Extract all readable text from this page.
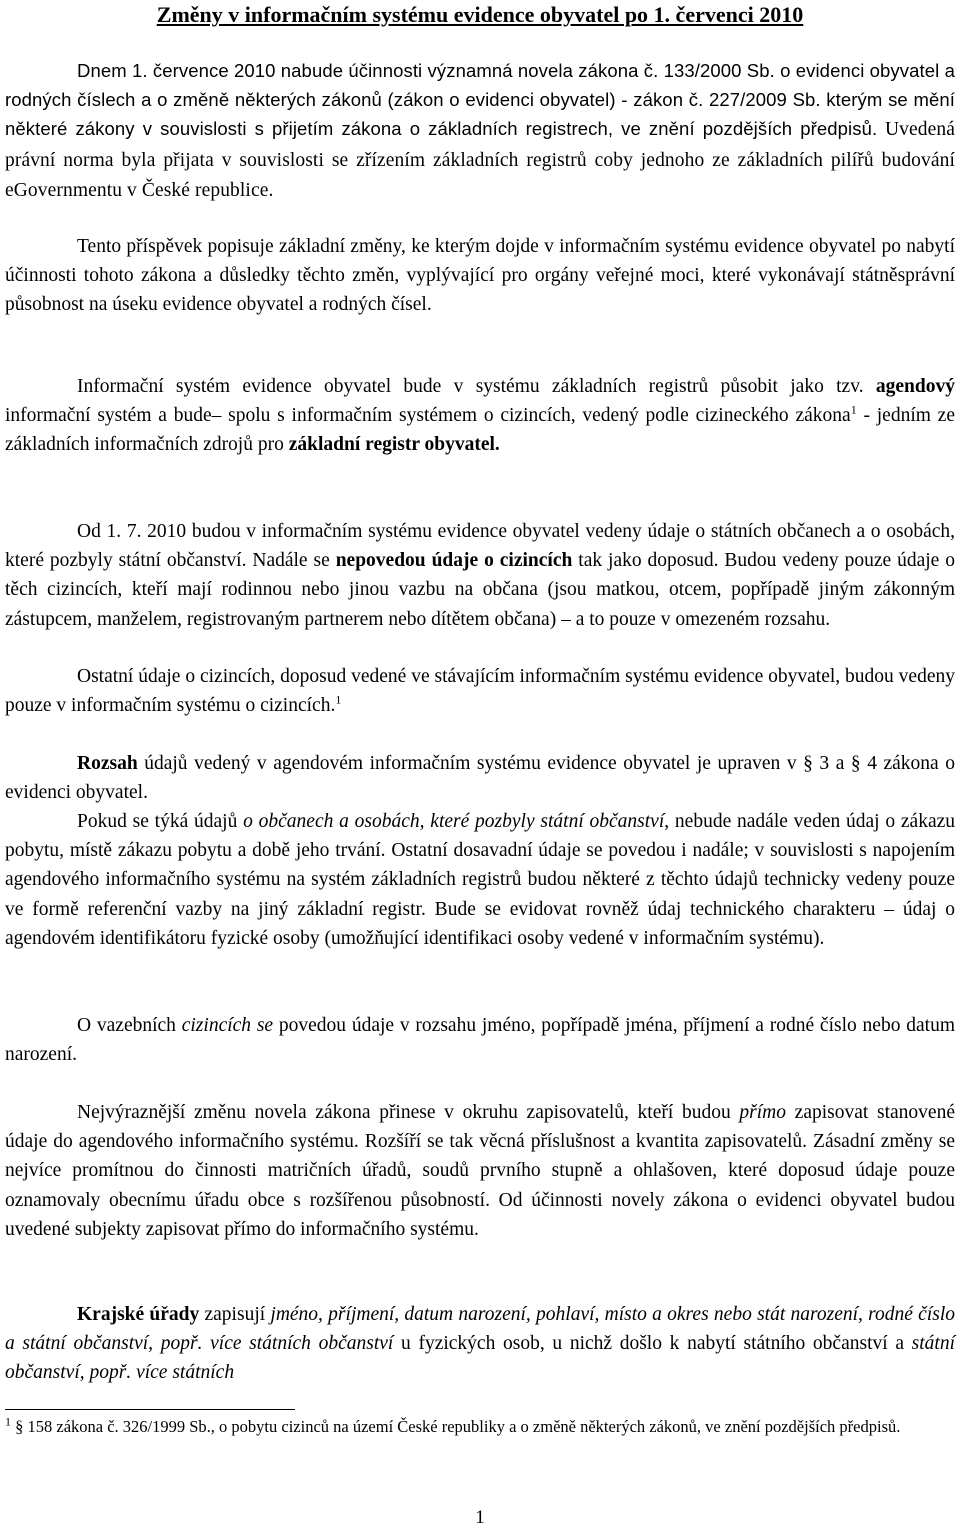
Změny v informačním systému evidence obyvatel po 1. červenci 2010

Dnem 1. července 2010 nabude účinnosti významná novela zákona č. 133/2000 Sb. o evidenci obyvatel a rodných číslech a o změně některých zákonů (zákon o evidenci obyvatel) - zákon č. 227/2009 Sb. kterým se mění některé zákony v souvislosti s přijetím zákona o základních registrech, ve znění pozdějších předpisů. Uvedená právní norma byla přijata v souvislosti se zřízením základních registrů coby jednoho ze základních pilířů budování eGovernmentu v České republice.

Tento příspěvek popisuje základní změny, ke kterým dojde v informačním systému evidence obyvatel po nabytí účinnosti tohoto zákona a důsledky těchto změn, vyplývající pro orgány veřejné moci, které vykonávají státněsprávní působnost na úseku evidence obyvatel a rodných čísel.

Informační systém evidence obyvatel bude v systému základních registrů působit jako tzv. agendový informační systém a bude– spolu s informačním systémem o cizincích, vedený podle cizineckého zákona$^1$ - jedním ze základních informačních zdrojů pro základní registr obyvatel.

Od 1. 7. 2010 budou v informačním systému evidence obyvatel vedeny údaje o státních občanech a o osobách, které pozbyly státní občanství. Nadále se nepovedou údaje o cizincích tak jako doposud. Budou vedeny pouze údaje o těch cizincích, kteří mají rodinnou nebo jinou vazbu na občana (jsou matkou, otcem, popřípadě jiným zákonným zástupcem, manželem, registrovaným partnerem nebo dítětem občana) – a to pouze v omezeném rozsahu.

Ostatní údaje o cizincích, doposud vedené ve stávajícím informačním systému evidence obyvatel, budou vedeny pouze v informačním systému o cizincích.$^1$

Rozsah údajů vedený v agendovém informačním systému evidence obyvatel je upraven v § 3 a § 4 zákona o evidenci obyvatel.

Pokud se týká údajů o občanech a osobách, které pozbyly státní občanství, nebude nadále veden údaj o zákazu pobytu, místě zákazu pobytu a době jeho trvání. Ostatní dosavadní údaje se povedou i nadále; v souvislosti s napojením agendového informačního systému na systém základních registrů budou některé z těchto údajů technicky vedeny pouze ve formě referenční vazby na jiný základní registr. Bude se evidovat rovněž údaj technického charakteru – údaj o agendovém identifikátoru fyzické osoby (umožňující identifikaci osoby vedené v informačním systému).

O vazebních cizincích se povedou údaje v rozsahu jméno, popřípadě jména, příjmení a rodné číslo nebo datum narození.

Nejvýraznější změnu novela zákona přinese v okruhu zapisovatelů, kteří budou přímo zapisovat stanovené údaje do agendového informačního systému. Rozšíří se tak věcná příslušnost a kvantita zapisovatelů. Zásadní změny se nejvíce promítnou do činnosti matričních úřadů, soudů prvního stupně a ohlašoven, které doposud údaje pouze oznamovaly obecnímu úřadu obce s rozšířenou působností. Od účinnosti novely zákona o evidenci obyvatel budou uvedené subjekty zapisovat přímo do informačního systému.

Krajské úřady zapisují jméno, příjmení, datum narození, pohlaví, místo a okres nebo stát narození, rodné číslo a státní občanství, popř. více státních občanství u fyzických osob, u nichž došlo k nabytí státního občanství a státní občanství, popř. více státních

$^1$ § 158 zákona č. 326/1999 Sb., o pobytu cizinců na území České republiky a o změně některých zákonů, ve znění pozdějších předpisů.

1
